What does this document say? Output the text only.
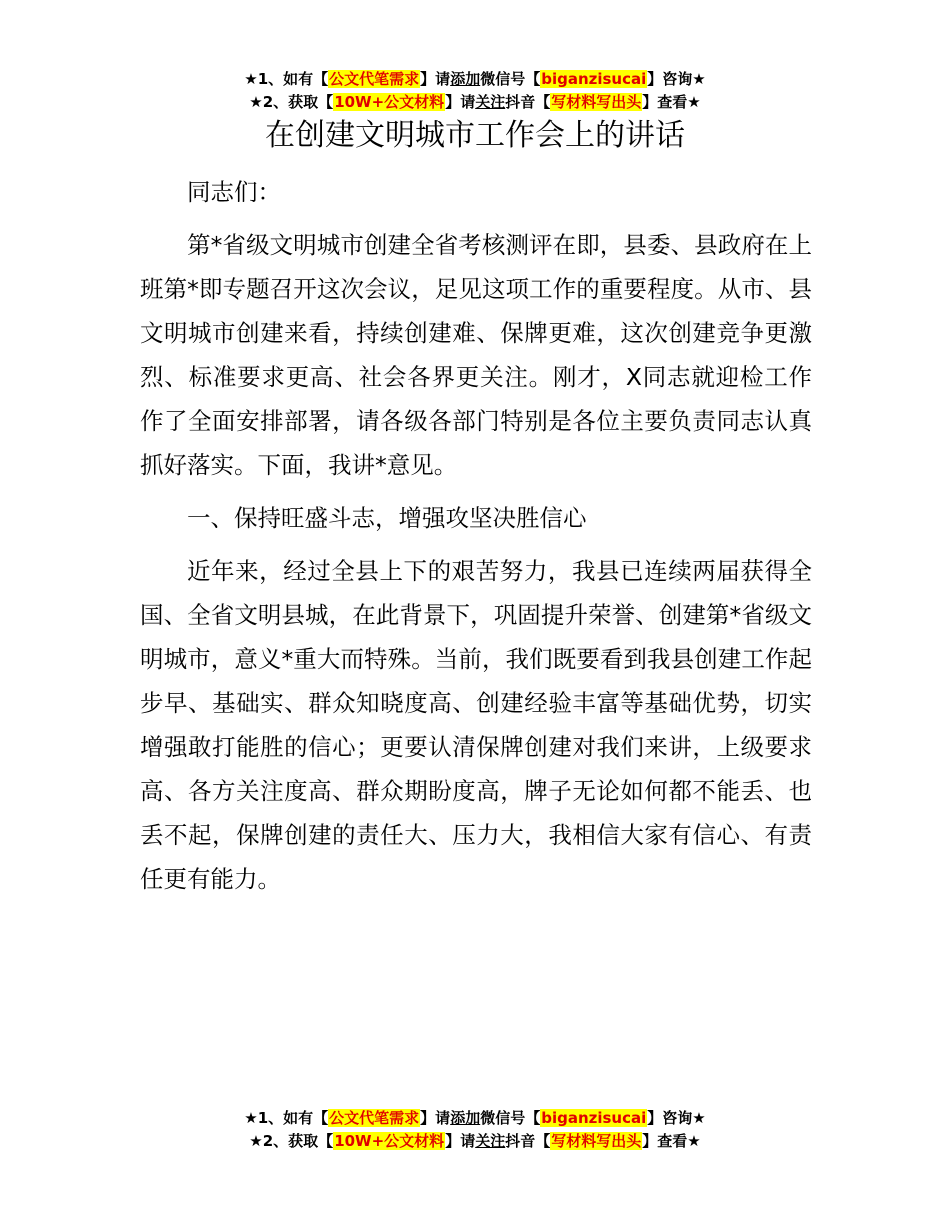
★1、如有【公文代笔需求】请添加微信号【biganzisucai】咨询★
★2、获取【10W+公文材料】请关注抖音【写材料写出头】查看★
在创建文明城市工作会上的讲话

同志们：

第*省级文明城市创建全省考核测评在即，县委、县政府在上班第*即专题召开这次会议，足见这项工作的重要程度。从市、县文明城市创建来看，持续创建难、保牌更难，这次创建竞争更激烈、标准要求更高、社会各界更关注。刚才，X同志就迎检工作作了全面安排部署，请各级各部门特别是各位主要负责同志认真抓好落实。下面，我讲*意见。

一、保持旺盛斗志，增强攻坚决胜信心

近年来，经过全县上下的艰苦努力，我县已连续两届获得全国、全省文明县城，在此背景下，巩固提升荣誉、创建第*省级文明城市，意义*重大而特殊。当前，我们既要看到我县创建工作起步早、基础实、群众知晓度高、创建经验丰富等基础优势，切实增强敢打能胜的信心；更要认清保牌创建对我们来讲，上级要求高、各方关注度高、群众期盼度高，牌子无论如何都不能丢、也丢不起，保牌创建的责任大、压力大，我相信大家有信心、有责任更有能力。

★1、如有【公文代笔需求】请添加微信号【biganzisucai】咨询★
★2、获取【10W+公文材料】请关注抖音【写材料写出头】查看★
